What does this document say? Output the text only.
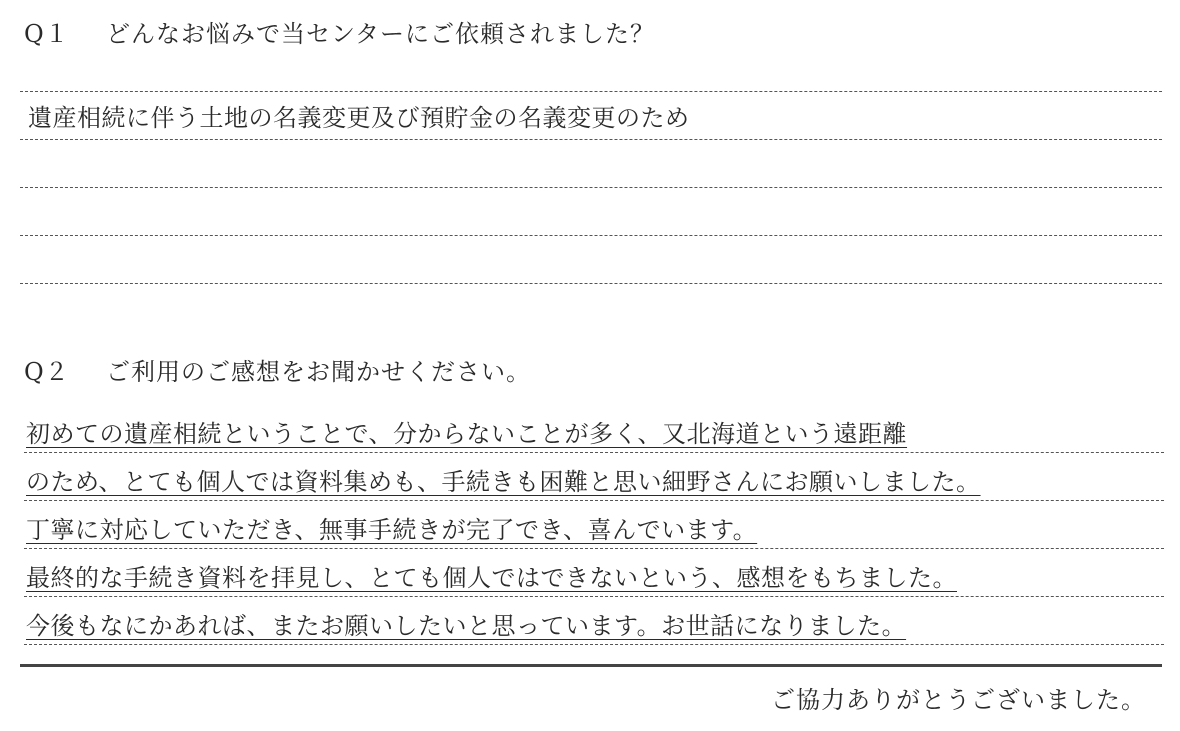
Q１ どんなお悩みで当センターにご依頼されました？
遺産相続に伴う土地の名義変更及び預貯金の名義変更のため
Q２ ご利用のご感想をお聞かせください。
初めての遺産相続ということで、分からないことが多く、又北海道という遠距離
のため、とても個人では資料集めも、手続きも困難と思い細野さんにお願いしました。
丁寧に対応していただき、無事手続きが完了でき、喜んでいます。
最終的な手続き資料を拝見し、とても個人ではできないという、感想をもちました。
今後もなにかあれば、またお願いしたいと思っています。お世話になりました。
ご協力ありがとうございました。
